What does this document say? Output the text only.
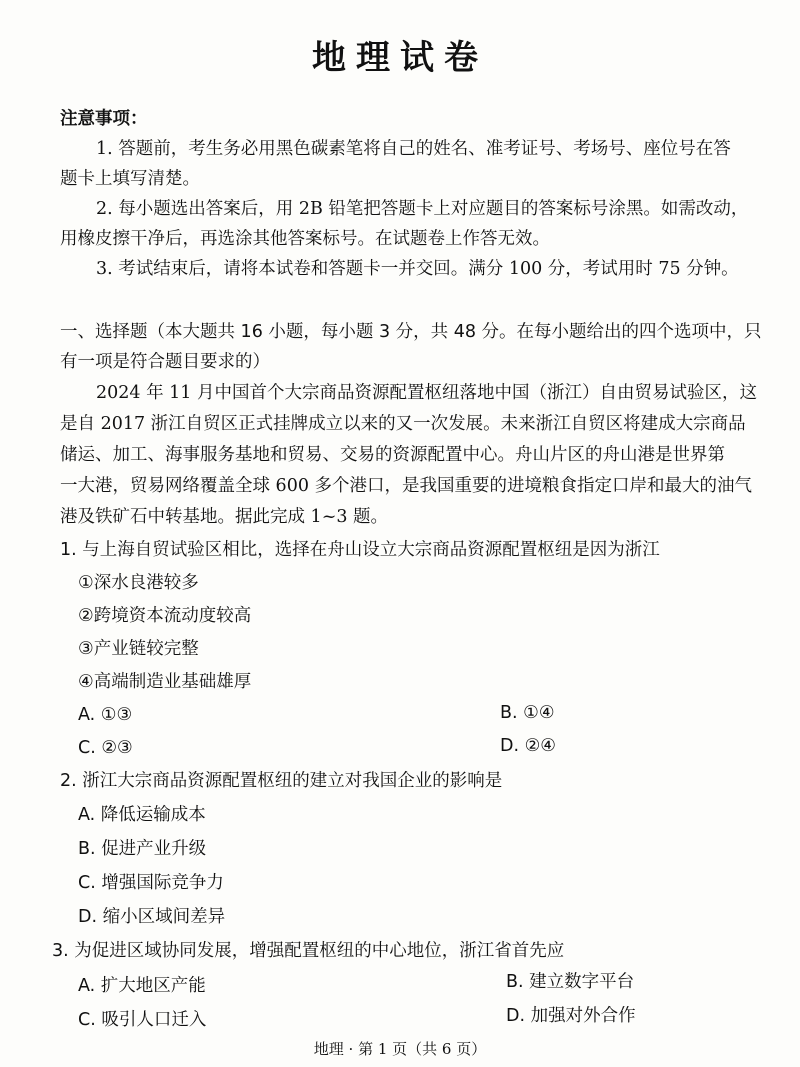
地理试卷
注意事项：
1. 答题前，考生务必用黑色碳素笔将自己的姓名、准考证号、考场号、座位号在答
题卡上填写清楚。
2. 每小题选出答案后，用 2B 铅笔把答题卡上对应题目的答案标号涂黑。如需改动，
用橡皮擦干净后，再选涂其他答案标号。在试题卷上作答无效。
3. 考试结束后，请将本试卷和答题卡一并交回。满分 100 分，考试用时 75 分钟。
一、选择题（本大题共 16 小题，每小题 3 分，共 48 分。在每小题给出的四个选项中，只
有一项是符合题目要求的）
2024 年 11 月中国首个大宗商品资源配置枢纽落地中国（浙江）自由贸易试验区，这
是自 2017 浙江自贸区正式挂牌成立以来的又一次发展。未来浙江自贸区将建成大宗商品
储运、加工、海事服务基地和贸易、交易的资源配置中心。舟山片区的舟山港是世界第
一大港，贸易网络覆盖全球 600 多个港口，是我国重要的进境粮食指定口岸和最大的油气
港及铁矿石中转基地。据此完成 1~3 题。
1. 与上海自贸试验区相比，选择在舟山设立大宗商品资源配置枢纽是因为浙江
①深水良港较多
②跨境资本流动度较高
③产业链较完整
④高端制造业基础雄厚
A. ①③	B. ①④
C. ②③	D. ②④
2. 浙江大宗商品资源配置枢纽的建立对我国企业的影响是
A. 降低运输成本
B. 促进产业升级
C. 增强国际竞争力
D. 缩小区域间差异
3. 为促进区域协同发展，增强配置枢纽的中心地位，浙江省首先应
A. 扩大地区产能	B. 建立数字平台
C. 吸引人口迁入	D. 加强对外合作
地理 · 第 1 页（共 6 页）
